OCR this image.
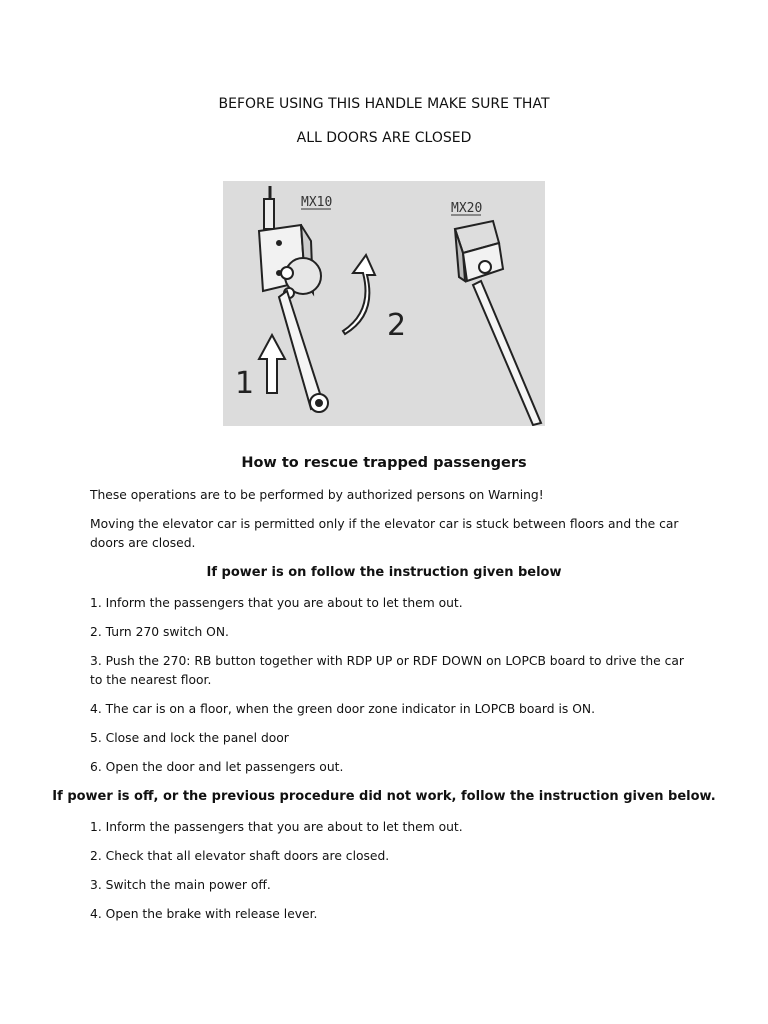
BEFORE USING THIS HANDLE MAKE SURE THAT
ALL DOORS ARE CLOSED
MX10	MX20
1
2
How to rescue trapped passengers
These operations are to be performed by authorized persons on Warning!
Moving the elevator car is permitted only if the elevator car is stuck between floors and the car doors are closed.
If power is on follow the instruction given below
1. Inform the passengers that you are about to let them out.
2. Turn 270 switch ON.
3. Push the 270: RB button together with RDP UP or RDF DOWN on LOPCB board to drive the car to the nearest floor.
4. The car is on a floor, when the green door zone indicator in LOPCB board is ON.
5. Close and lock the panel door
6. Open the door and let passengers out.
If power is off, or the previous procedure did not work, follow the instruction given below.
1. Inform the passengers that you are about to let them out.
2. Check that all elevator shaft doors are closed.
3. Switch the main power off.
4. Open the brake with release lever.
